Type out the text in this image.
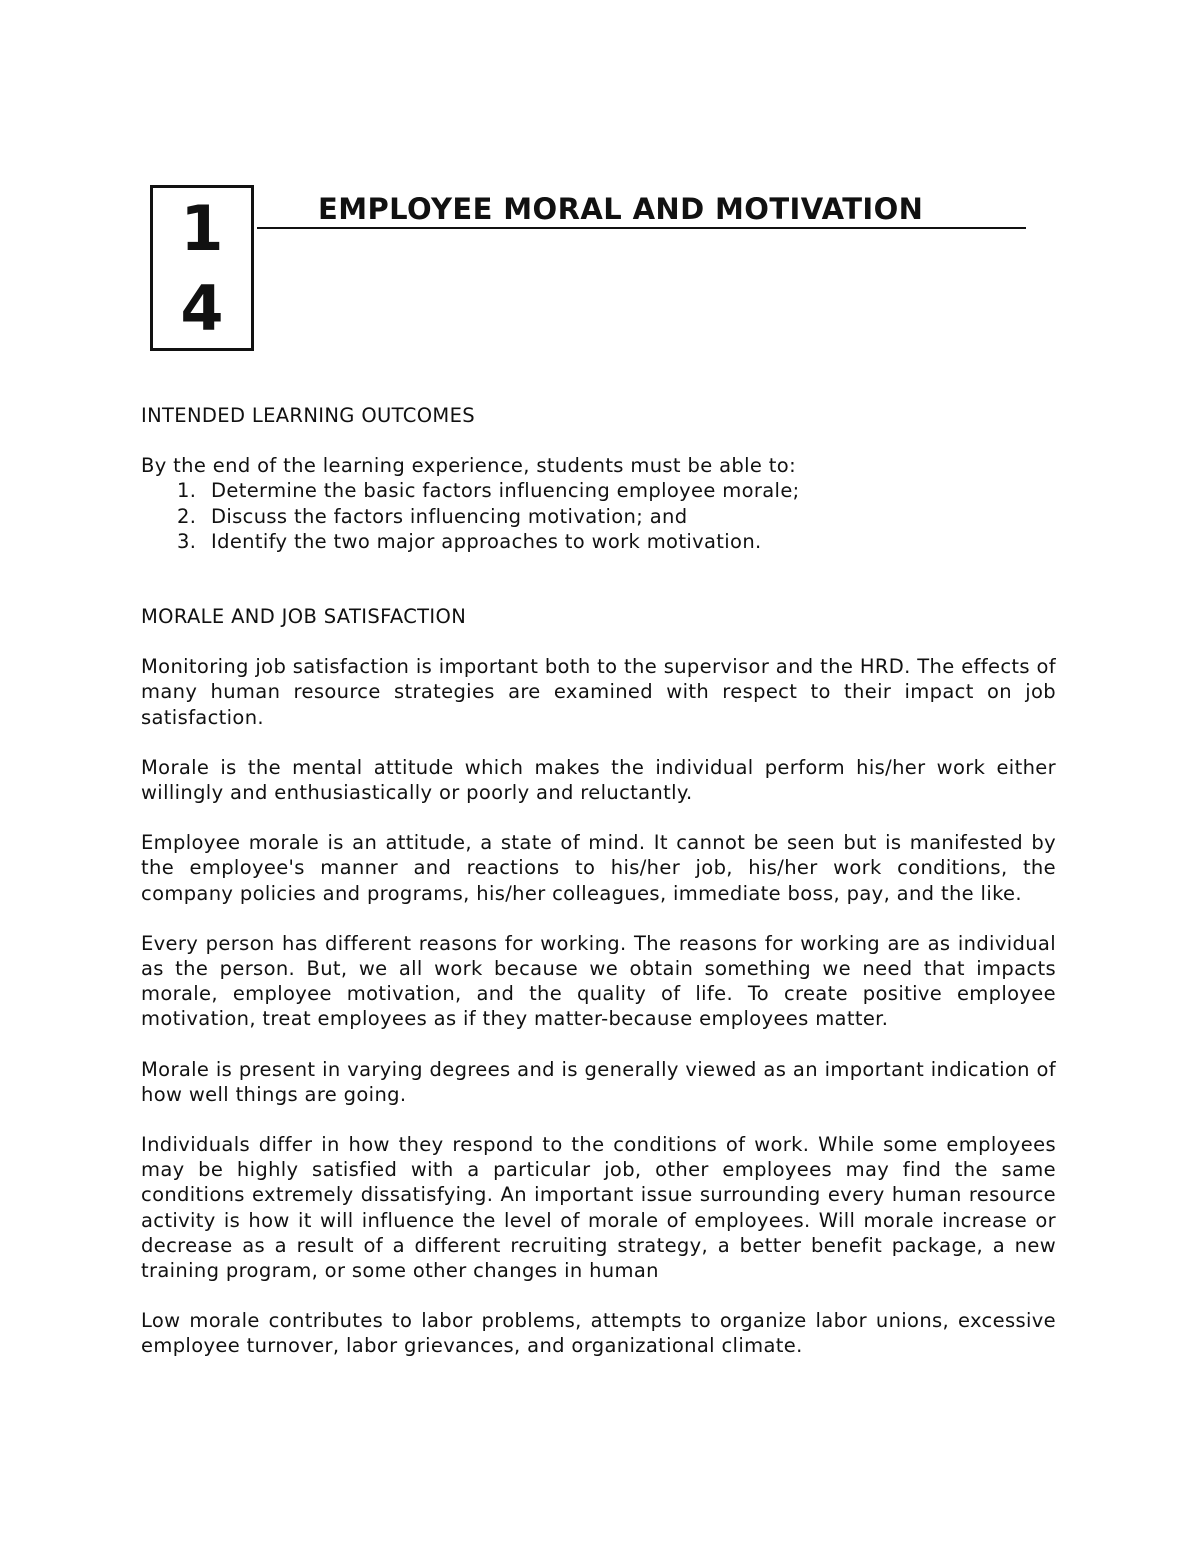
1
4
EMPLOYEE MORAL AND MOTIVATION
INTENDED LEARNING OUTCOMES

By the end of the learning experience, students must be able to:

1. Determine the basic factors influencing employee morale;
2. Discuss the factors influencing motivation; and
3. Identify the two major approaches to work motivation.
MORALE AND JOB SATISFACTION

Monitoring job satisfaction is important both to the supervisor and the HRD. The effects of many human resource strategies are examined with respect to their impact on job satisfaction.

Morale is the mental attitude which makes the individual perform his/her work either willingly and enthusiastically or poorly and reluctantly.

Employee morale is an attitude, a state of mind. It cannot be seen but is manifested by the employee's manner and reactions to his/her job, his/her work conditions, the company policies and programs, his/her colleagues, immediate boss, pay, and the like.

Every person has different reasons for working. The reasons for working are as individual as the person. But, we all work because we obtain something we need that impacts morale, employee motivation, and the quality of life. To create positive employee motivation, treat employees as if they matter-because employees matter.

Morale is present in varying degrees and is generally viewed as an important indication of how well things are going.

Individuals differ in how they respond to the conditions of work. While some employees may be highly satisfied with a particular job, other employees may find the same conditions extremely dissatisfying. An important issue surrounding every human resource activity is how it will influence the level of morale of employees. Will morale increase or decrease as a result of a different recruiting strategy, a better benefit package, a new training program, or some other changes in human

Low morale contributes to labor problems, attempts to organize labor unions, excessive employee turnover, labor grievances, and organizational climate.
